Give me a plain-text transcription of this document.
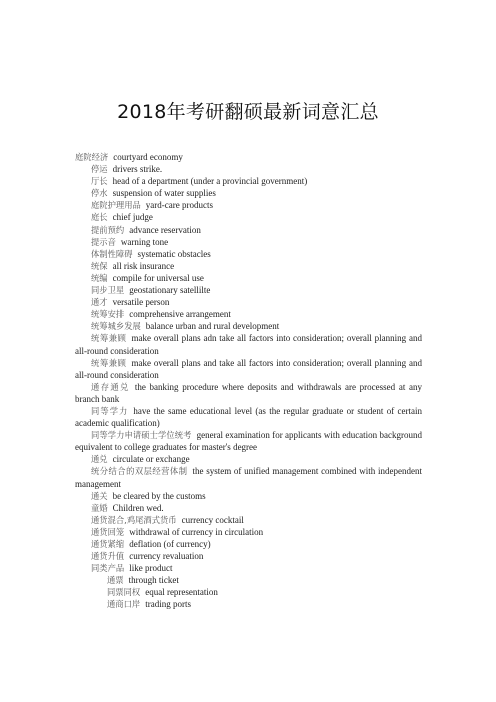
2018年考研翻硕最新词意汇总

庭院经济 courtyard economy

停运 drivers strike.

厅长 head of a department (under a provincial government)

停水 suspension of water supplies

庭院护理用品 yard-care products

庭长 chief judge

提前预约 advance reservation

提示音 warning tone

体制性障碍 systematic obstacles

统保 all risk insurance

统编 compile for universal use

同步卫星 geostationary satellilte

通才 versatile person

统筹安排 comprehensive arrangement

统筹城乡发展 balance urban and rural development

统筹兼顾 make overall plans adn take all factors into consideration; overall planning and all-round consideration

统筹兼顾 make overall plans and take all factors into consideration; overall planning and all-round consideration

通存通兑 the banking procedure where deposits and withdrawals are processed at any branch bank

同等学力 have the same educational level (as the regular graduate or student of certain academic qualification)

同等学力申请硕士学位统考 general examination for applicants with education background equivalent to college graduates for master's degree

通兑 circulate or exchange

统分结合的双层经营体制 the system of unified management combined with independent management

通关 be cleared by the customs

童婚 Children wed.

通货混合,鸡尾酒式货币 currency cocktail

通货回笼 withdrawal of currency in circulation

通货紧缩 deflation (of currency)

通货升值 currency revaluation

同类产品 like product

通票 through ticket

同票同权 equal representation

通商口岸 trading ports
